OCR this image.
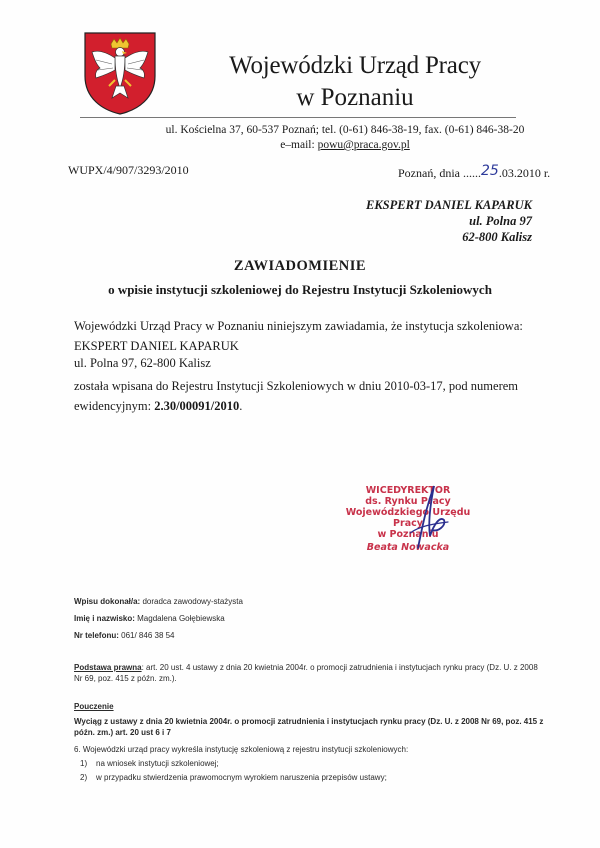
Wojewódzki Urząd Pracy
w Poznaniu
ul. Kościelna 37, 60-537 Poznań; tel. (0-61) 846-38-19, fax. (0-61) 846-38-20
e–mail: powu@praca.gov.pl
WUPX/4/907/3293/2010	Poznań, dnia ......25.03.2010 r.
EKSPERT DANIEL KAPARUK
ul. Polna 97
62-800 Kalisz
ZAWIADOMIENIE
o wpisie instytucji szkoleniowej do Rejestru Instytucji Szkoleniowych
Wojewódzki Urząd Pracy w Poznaniu niniejszym zawiadamia, że instytucja szkoleniowa:
EKSPERT DANIEL KAPARUK
ul. Polna 97, 62-800 Kalisz
została wpisana do Rejestru Instytucji Szkoleniowych w dniu 2010-03-17, pod numerem
ewidencyjnym: 2.30/00091/2010.
WICEDYREKTOR
ds. Rynku Pracy
Wojewódzkiego Urzędu Pracy
w Poznaniu
Beata Nowacka
Wpisu dokonał/a: doradca zawodowy-stażysta
Imię i nazwisko: Magdalena Gołębiewska
Nr telefonu: 061/ 846 38 54
Podstawa prawna: art. 20 ust. 4 ustawy z dnia 20 kwietnia 2004r. o promocji zatrudnienia i instytucjach rynku pracy (Dz. U. z 2008 Nr 69, poz. 415 z późn. zm.).
Pouczenie
Wyciąg z ustawy z dnia 20 kwietnia 2004r. o promocji zatrudnienia i instytucjach rynku pracy (Dz. U. z 2008 Nr 69, poz. 415 z późn. zm.) art. 20 ust 6 i 7
6. Wojewódzki urząd pracy wykreśla instytucję szkoleniową z rejestru instytucji szkoleniowych:
1) na wniosek instytucji szkoleniowej;
2) w przypadku stwierdzenia prawomocnym wyrokiem naruszenia przepisów ustawy;
